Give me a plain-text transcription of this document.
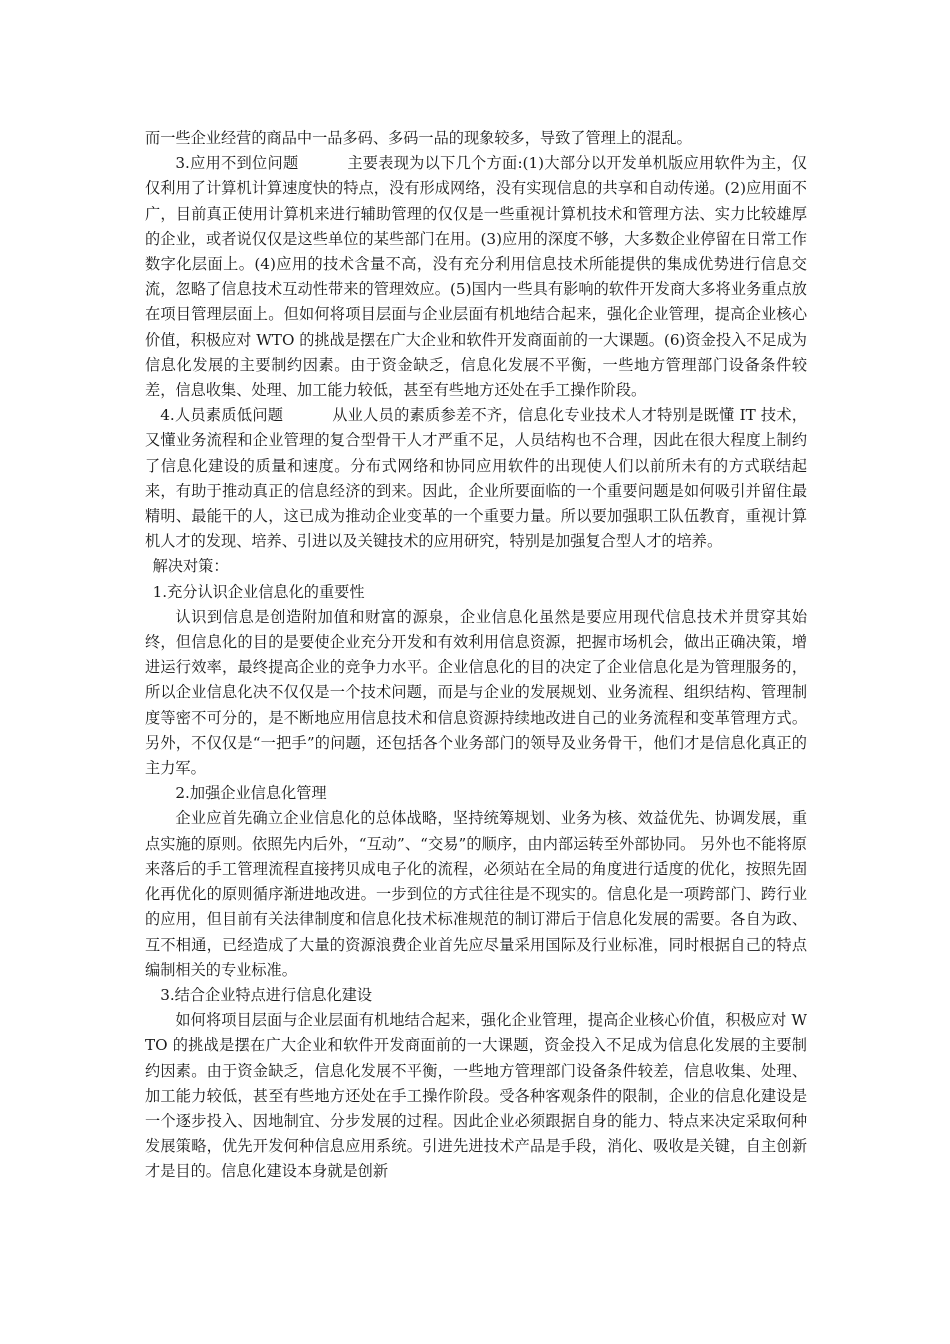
而一些企业经营的商品中一品多码、多码一品的现象较多，导致了管理上的混乱。

3.应用不到位问题	主要表现为以下几个方面:(1)大部分以开发单机版应用软件为主，仅仅利用了计算机计算速度快的特点，没有形成网络，没有实现信息的共享和自动传递。(2)应用面不广，目前真正使用计算机来进行辅助管理的仅仅是一些重视计算机技术和管理方法、实力比较雄厚的企业，或者说仅仅是这些单位的某些部门在用。(3)应用的深度不够，大多数企业停留在日常工作数字化层面上。(4)应用的技术含量不高，没有充分利用信息技术所能提供的集成优势进行信息交流，忽略了信息技术互动性带来的管理效应。(5)国内一些具有影响的软件开发商大多将业务重点放在项目管理层面上。但如何将项目层面与企业层面有机地结合起来，强化企业管理，提高企业核心价值，积极应对 WTO 的挑战是摆在广大企业和软件开发商面前的一大课题。(6)资金投入不足成为信息化发展的主要制约因素。由于资金缺乏，信息化发展不平衡，一些地方管理部门设备条件较差，信息收集、处理、加工能力较低，甚至有些地方还处在手工操作阶段。

4.人员素质低问题	从业人员的素质参差不齐，信息化专业技术人才特别是既懂 IT 技术，又懂业务流程和企业管理的复合型骨干人才严重不足，人员结构也不合理，因此在很大程度上制约了信息化建设的质量和速度。分布式网络和协同应用软件的出现使人们以前所未有的方式联结起来，有助于推动真正的信息经济的到来。因此，企业所要面临的一个重要问题是如何吸引并留住最精明、最能干的人，这已成为推动企业变革的一个重要力量。所以要加强职工队伍教育，重视计算机人才的发现、培养、引进以及关键技术的应用研究，特别是加强复合型人才的培养。

解决对策：

1.充分认识企业信息化的重要性

认识到信息是创造附加值和财富的源泉，企业信息化虽然是要应用现代信息技术并贯穿其始终，但信息化的目的是要使企业充分开发和有效利用信息资源，把握市场机会，做出正确决策，增进运行效率，最终提高企业的竞争力水平。企业信息化的目的决定了企业信息化是为管理服务的，所以企业信息化决不仅仅是一个技术问题，而是与企业的发展规划、业务流程、组织结构、管理制度等密不可分的，是不断地应用信息技术和信息资源持续地改进自己的业务流程和变革管理方式。另外，不仅仅是“一把手”的问题，还包括各个业务部门的领导及业务骨干，他们才是信息化真正的主力军。

2.加强企业信息化管理

企业应首先确立企业信息化的总体战略，坚持统筹规划、业务为核、效益优先、协调发展，重点实施的原则。依照先内后外，“互动”、“交易”的顺序，由内部运转至外部协同。 另外也不能将原来落后的手工管理流程直接拷贝成电子化的流程，必须站在全局的角度进行适度的优化，按照先固化再优化的原则循序渐进地改进。一步到位的方式往往是不现实的。信息化是一项跨部门、跨行业的应用，但目前有关法律制度和信息化技术标准规范的制订滞后于信息化发展的需要。各自为政、互不相通，已经造成了大量的资源浪费企业首先应尽量采用国际及行业标准，同时根据自己的特点编制相关的专业标准。

3.结合企业特点进行信息化建设

如何将项目层面与企业层面有机地结合起来，强化企业管理，提高企业核心价值，积极应对 WTO 的挑战是摆在广大企业和软件开发商面前的一大课题，资金投入不足成为信息化发展的主要制约因素。由于资金缺乏，信息化发展不平衡，一些地方管理部门设备条件较差，信息收集、处理、加工能力较低，甚至有些地方还处在手工操作阶段。受各种客观条件的限制，企业的信息化建设是一个逐步投入、因地制宜、分步发展的过程。因此企业必须跟据自身的能力、特点来决定采取何种发展策略，优先开发何种信息应用系统。引进先进技术产品是手段，消化、吸收是关键，自主创新才是目的。信息化建设本身就是创新
